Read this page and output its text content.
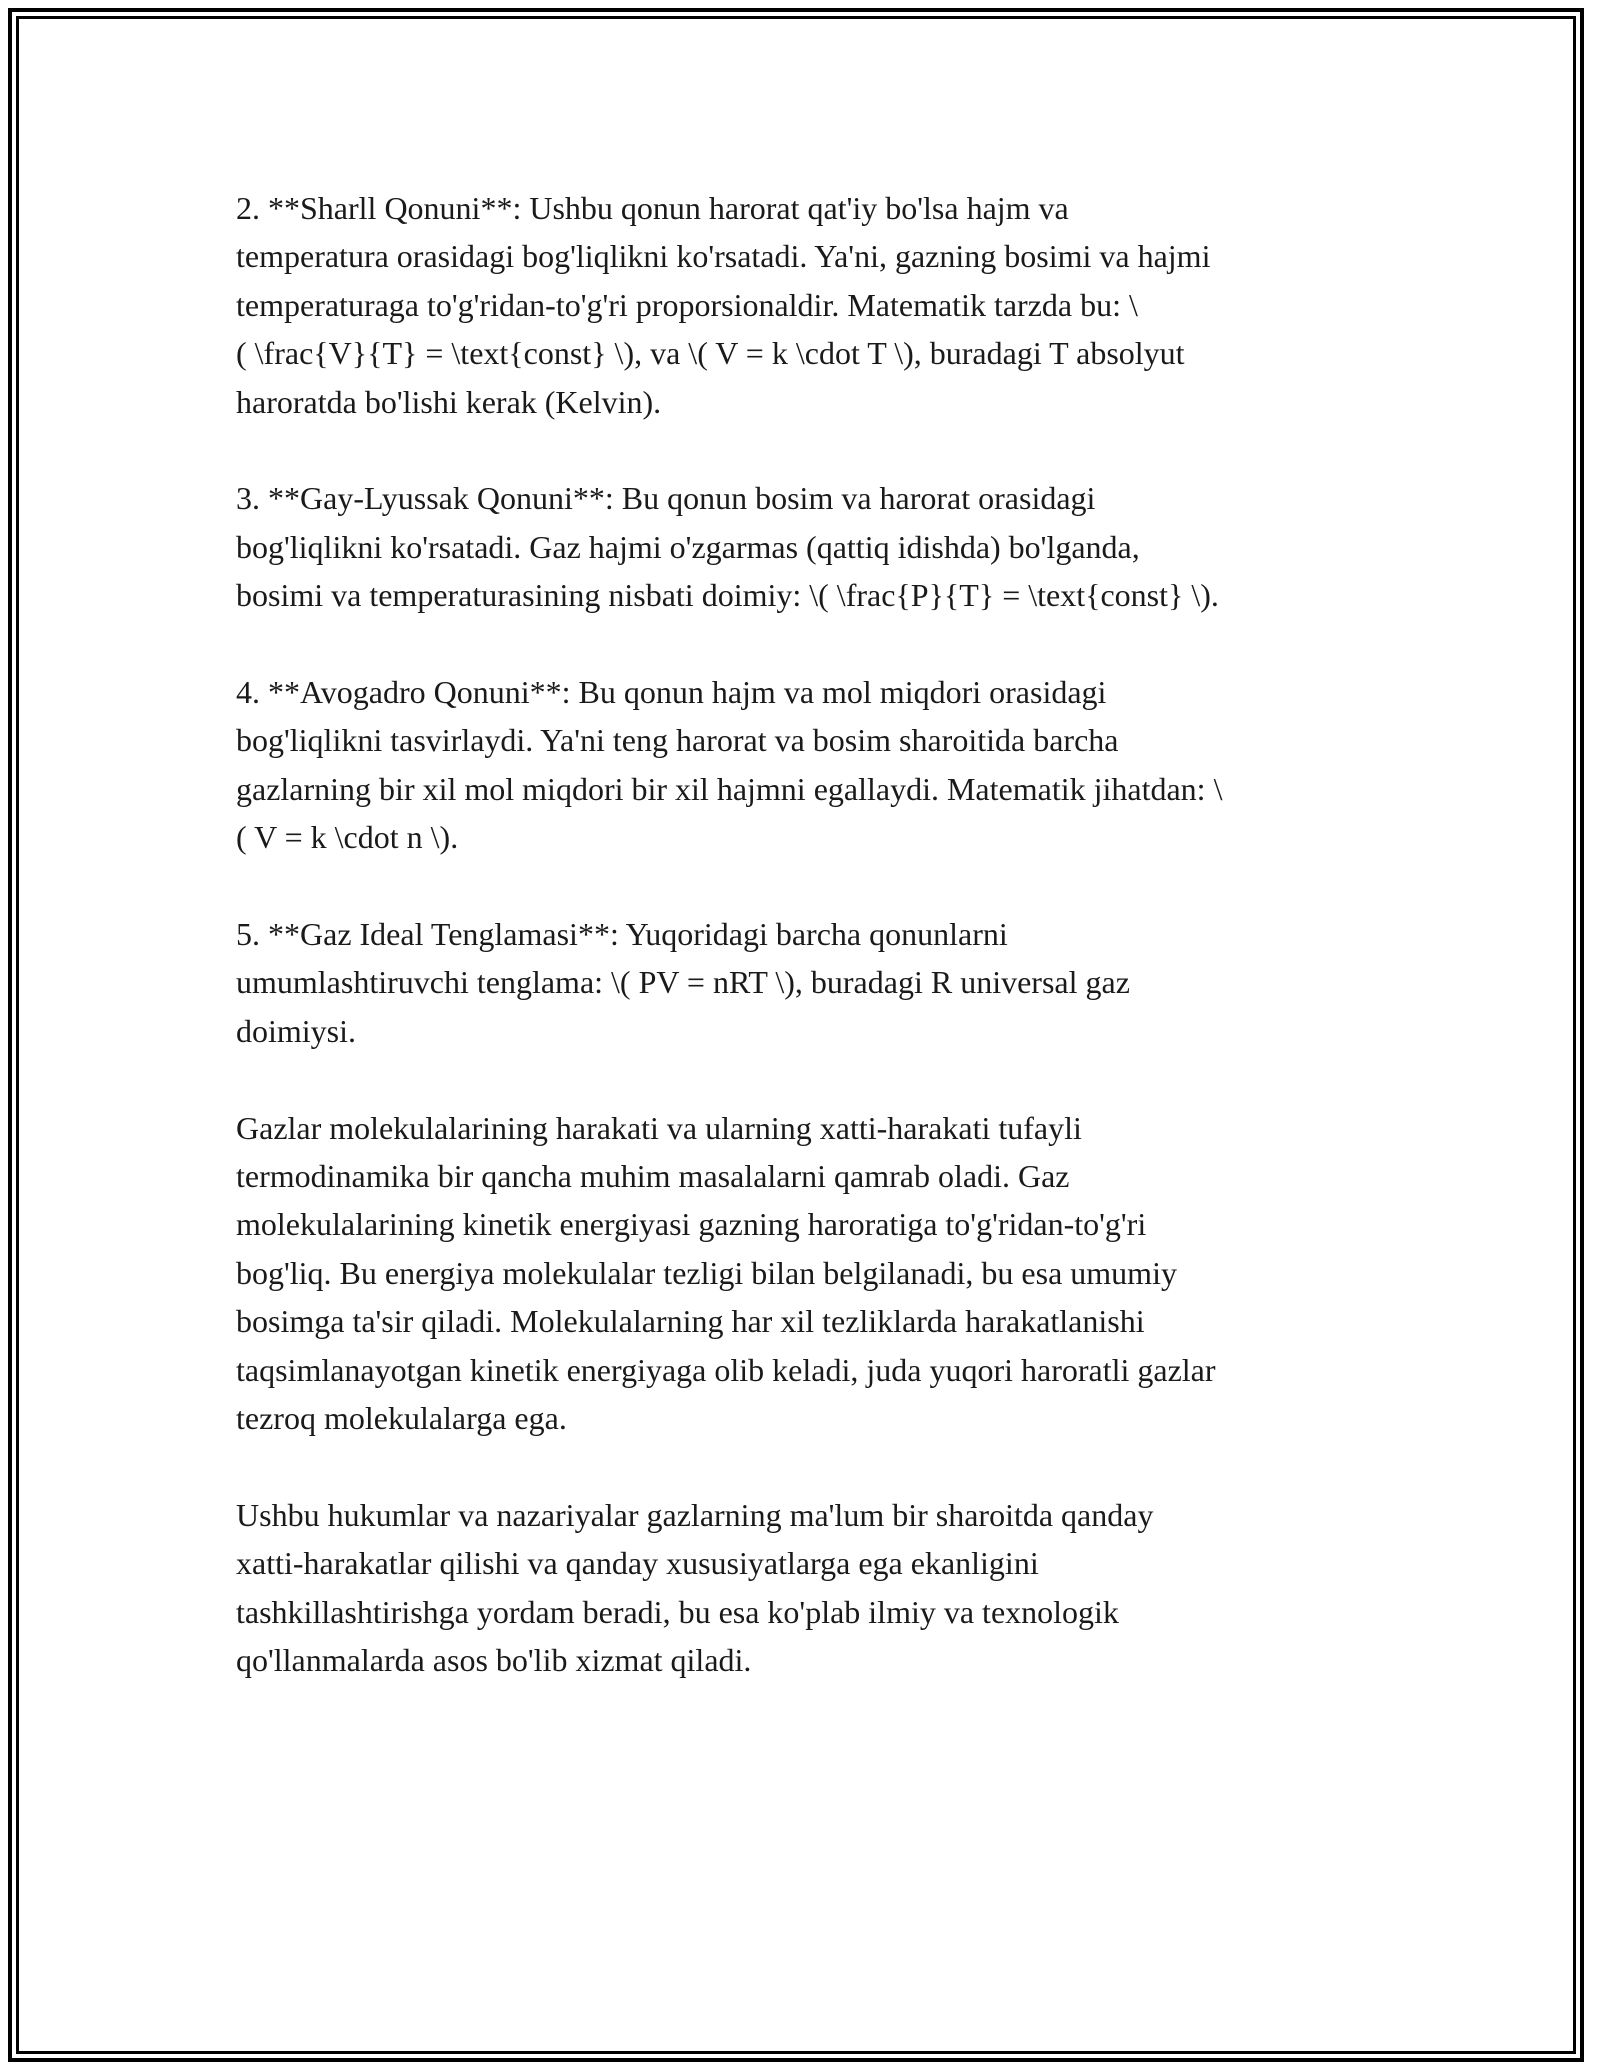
2. **Sharll Qonuni**: Ushbu qonun harorat qat'iy bo'lsa hajm va
temperatura orasidagi bog'liqlikni ko'rsatadi. Ya'ni, gazning bosimi va hajmi
temperaturaga to'g'ridan-to'g'ri proporsionaldir. Matematik tarzda bu: \
( \frac{V}{T} = \text{const} \), va \( V = k \cdot T \), buradagi T absolyut
haroratda bo'lishi kerak (Kelvin).

3. **Gay-Lyussak Qonuni**: Bu qonun bosim va harorat orasidagi
bog'liqlikni ko'rsatadi. Gaz hajmi o'zgarmas (qattiq idishda) bo'lganda,
bosimi va temperaturasining nisbati doimiy: \( \frac{P}{T} = \text{const} \).

4. **Avogadro Qonuni**: Bu qonun hajm va mol miqdori orasidagi
bog'liqlikni tasvirlaydi. Ya'ni teng harorat va bosim sharoitida barcha
gazlarning bir xil mol miqdori bir xil hajmni egallaydi. Matematik jihatdan: \
( V = k \cdot n \).

5. **Gaz Ideal Tenglamasi**: Yuqoridagi barcha qonunlarni
umumlashtiruvchi tenglama: \( PV = nRT \), buradagi R universal gaz
doimiysi.

Gazlar molekulalarining harakati va ularning xatti-harakati tufayli
termodinamika bir qancha muhim masalalarni qamrab oladi. Gaz
molekulalarining kinetik energiyasi gazning haroratiga to'g'ridan-to'g'ri
bog'liq. Bu energiya molekulalar tezligi bilan belgilanadi, bu esa umumiy
bosimga ta'sir qiladi. Molekulalarning har xil tezliklarda harakatlanishi
taqsimlanayotgan kinetik energiyaga olib keladi, juda yuqori haroratli gazlar
tezroq molekulalarga ega.

Ushbu hukumlar va nazariyalar gazlarning ma'lum bir sharoitda qanday
xatti-harakatlar qilishi va qanday xususiyatlarga ega ekanligini
tashkillashtirishga yordam beradi, bu esa ko'plab ilmiy va texnologik
qo'llanmalarda asos bo'lib xizmat qiladi.
